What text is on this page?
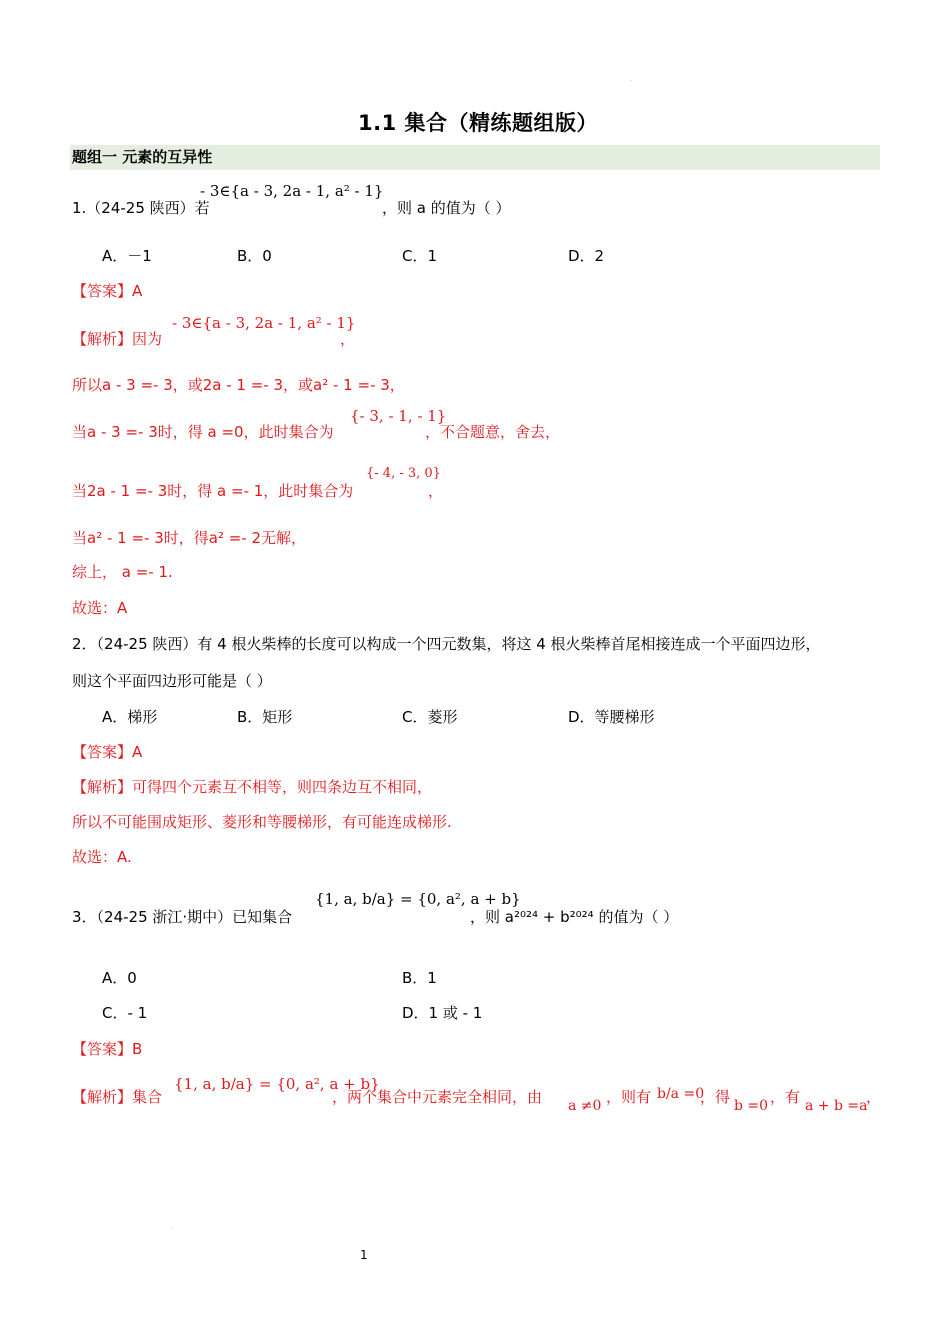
·
·
1.1 集合（精练题组版）
题组一 元素的互异性
1.（24-25 陕西）若
- 3∈{a - 3, 2a - 1, a² - 1}
，则 a 的值为（ ）
A．－1	B．0	C．1	D．2
【答案】A
【解析】因为
- 3∈{a - 3, 2a - 1, a² - 1}
，
所以a - 3 =- 3，或2a - 1 =- 3，或a² - 1 =- 3，
当a - 3 =- 3时，得 a =0，此时集合为
{- 3, - 1, - 1}
，不合题意，舍去，
当2a - 1 =- 3时，得 a =- 1，此时集合为
{- 4, - 3, 0}
，
当a² - 1 =- 3时，得a² =- 2无解，
综上， a =- 1.
故选：A
2．（24-25 陕西）有 4 根火柴棒的长度可以构成一个四元数集，将这 4 根火柴棒首尾相接连成一个平面四边形，
则这个平面四边形可能是（ ）
A．梯形	B．矩形	C．菱形	D．等腰梯形
【答案】A
【解析】可得四个元素互不相等，则四条边互不相同，
所以不可能围成矩形、菱形和等腰梯形，有可能连成梯形.
故选：A.
3．（24-25 浙江·期中）已知集合
{1, a, b/a} = {0, a², a + b}
，则 a²⁰²⁴ + b²⁰²⁴ 的值为（ ）
A．0	B．1
C．- 1	D．1 或 - 1
【答案】B
【解析】集合
{1, a, b/a} = {0, a², a + b}
，两个集合中元素完全相同，由 a ≠0 ，则有 b/a =0
，得 b =0 ，有 a + b =a
，
1
